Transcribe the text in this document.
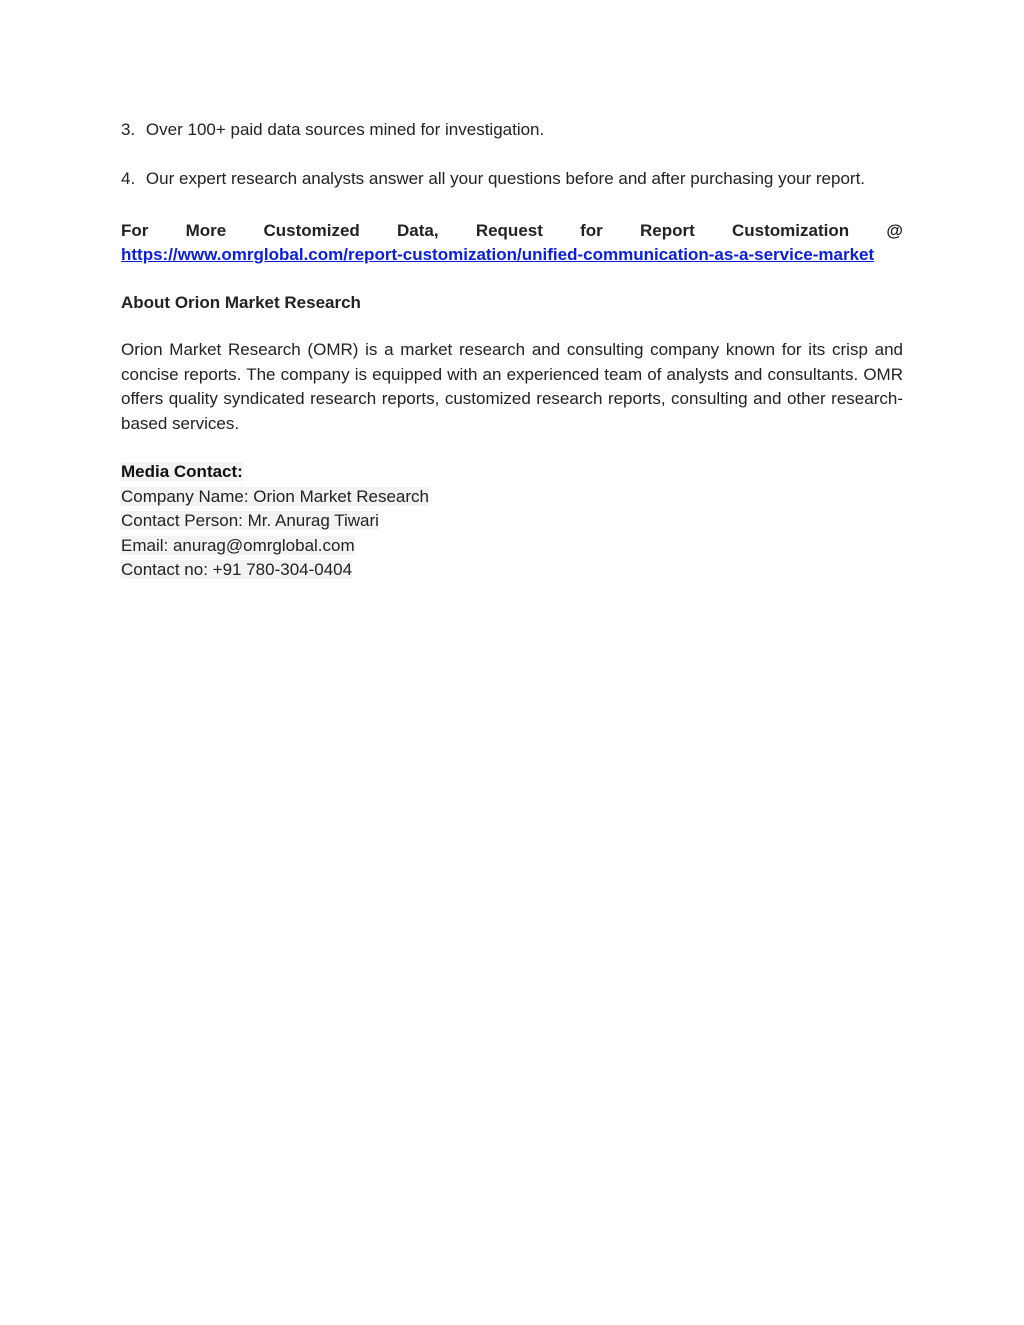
3. Over 100+ paid data sources mined for investigation.

4. Our expert research analysts answer all your questions before and after purchasing your report.

For More Customized Data, Request for Report Customization @

https://www.omrglobal.com/report-customization/unified-communication-as-a-service-market

About Orion Market Research

Orion Market Research (OMR) is a market research and consulting company known for its crisp and concise reports. The company is equipped with an experienced team of analysts and consultants. OMR offers quality syndicated research reports, customized research reports, consulting and other research-based services.

Media Contact:
Company Name: Orion Market Research
Contact Person: Mr. Anurag Tiwari
Email: anurag@omrglobal.com
Contact no: +91 780-304-0404
